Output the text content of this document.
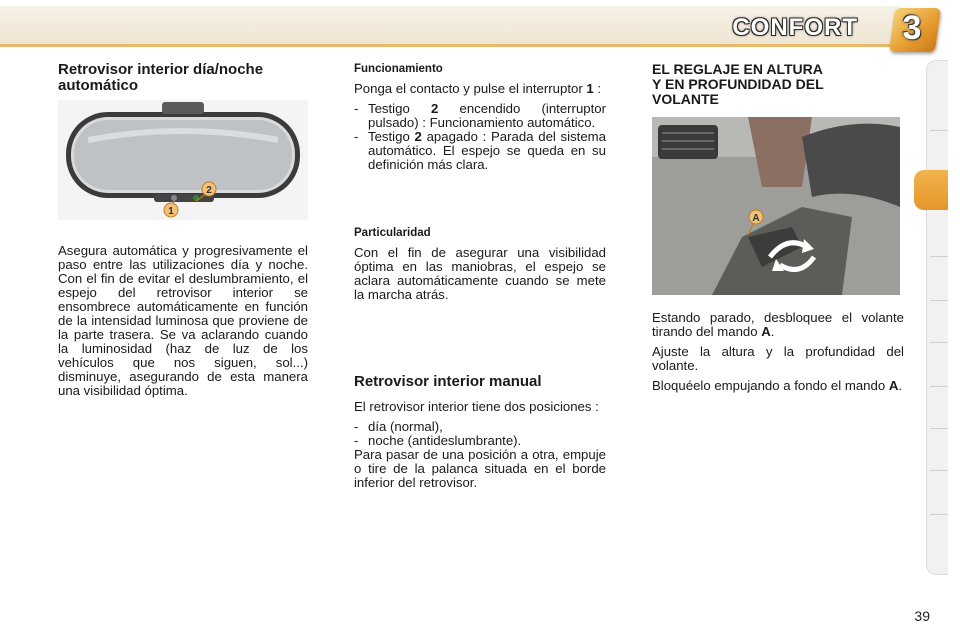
CONFORT	3
Retrovisor interior día/noche
automático
1
2
Asegura automática y progresivamente el paso entre las utilizaciones día y noche. Con el fin de evitar el deslumbramiento, el espejo del retrovisor interior se ensombrece automáticamente en función de la intensidad luminosa que proviene de la parte trasera. Se va aclarando cuando la luminosidad (haz de luz de los vehículos que nos siguen, sol...) disminuye, asegurando de esta manera una visibilidad óptima.
Funcionamiento
Ponga el contacto y pulse el interruptor 1 :
- Testigo 2 encendido (interruptor pulsado) : Funcionamiento automático.
- Testigo 2 apagado : Parada del sistema automático. El espejo se queda en su definición más clara.
Particularidad
Con el fin de asegurar una visibilidad óptima en las maniobras, el espejo se aclara automáticamente cuando se mete la marcha atrás.
Retrovisor interior manual
El retrovisor interior tiene dos posiciones :
- día (normal),
- noche (antideslumbrante).
Para pasar de una posición a otra, empuje o tire de la palanca situada en el borde inferior del retrovisor.
EL REGLAJE EN ALTURA
Y EN PROFUNDIDAD DEL
VOLANTE
A
Estando parado, desbloquee el volante tirando del mando A.
Ajuste la altura y la profundidad del volante.
Bloquéelo empujando a fondo el mando A.
39
